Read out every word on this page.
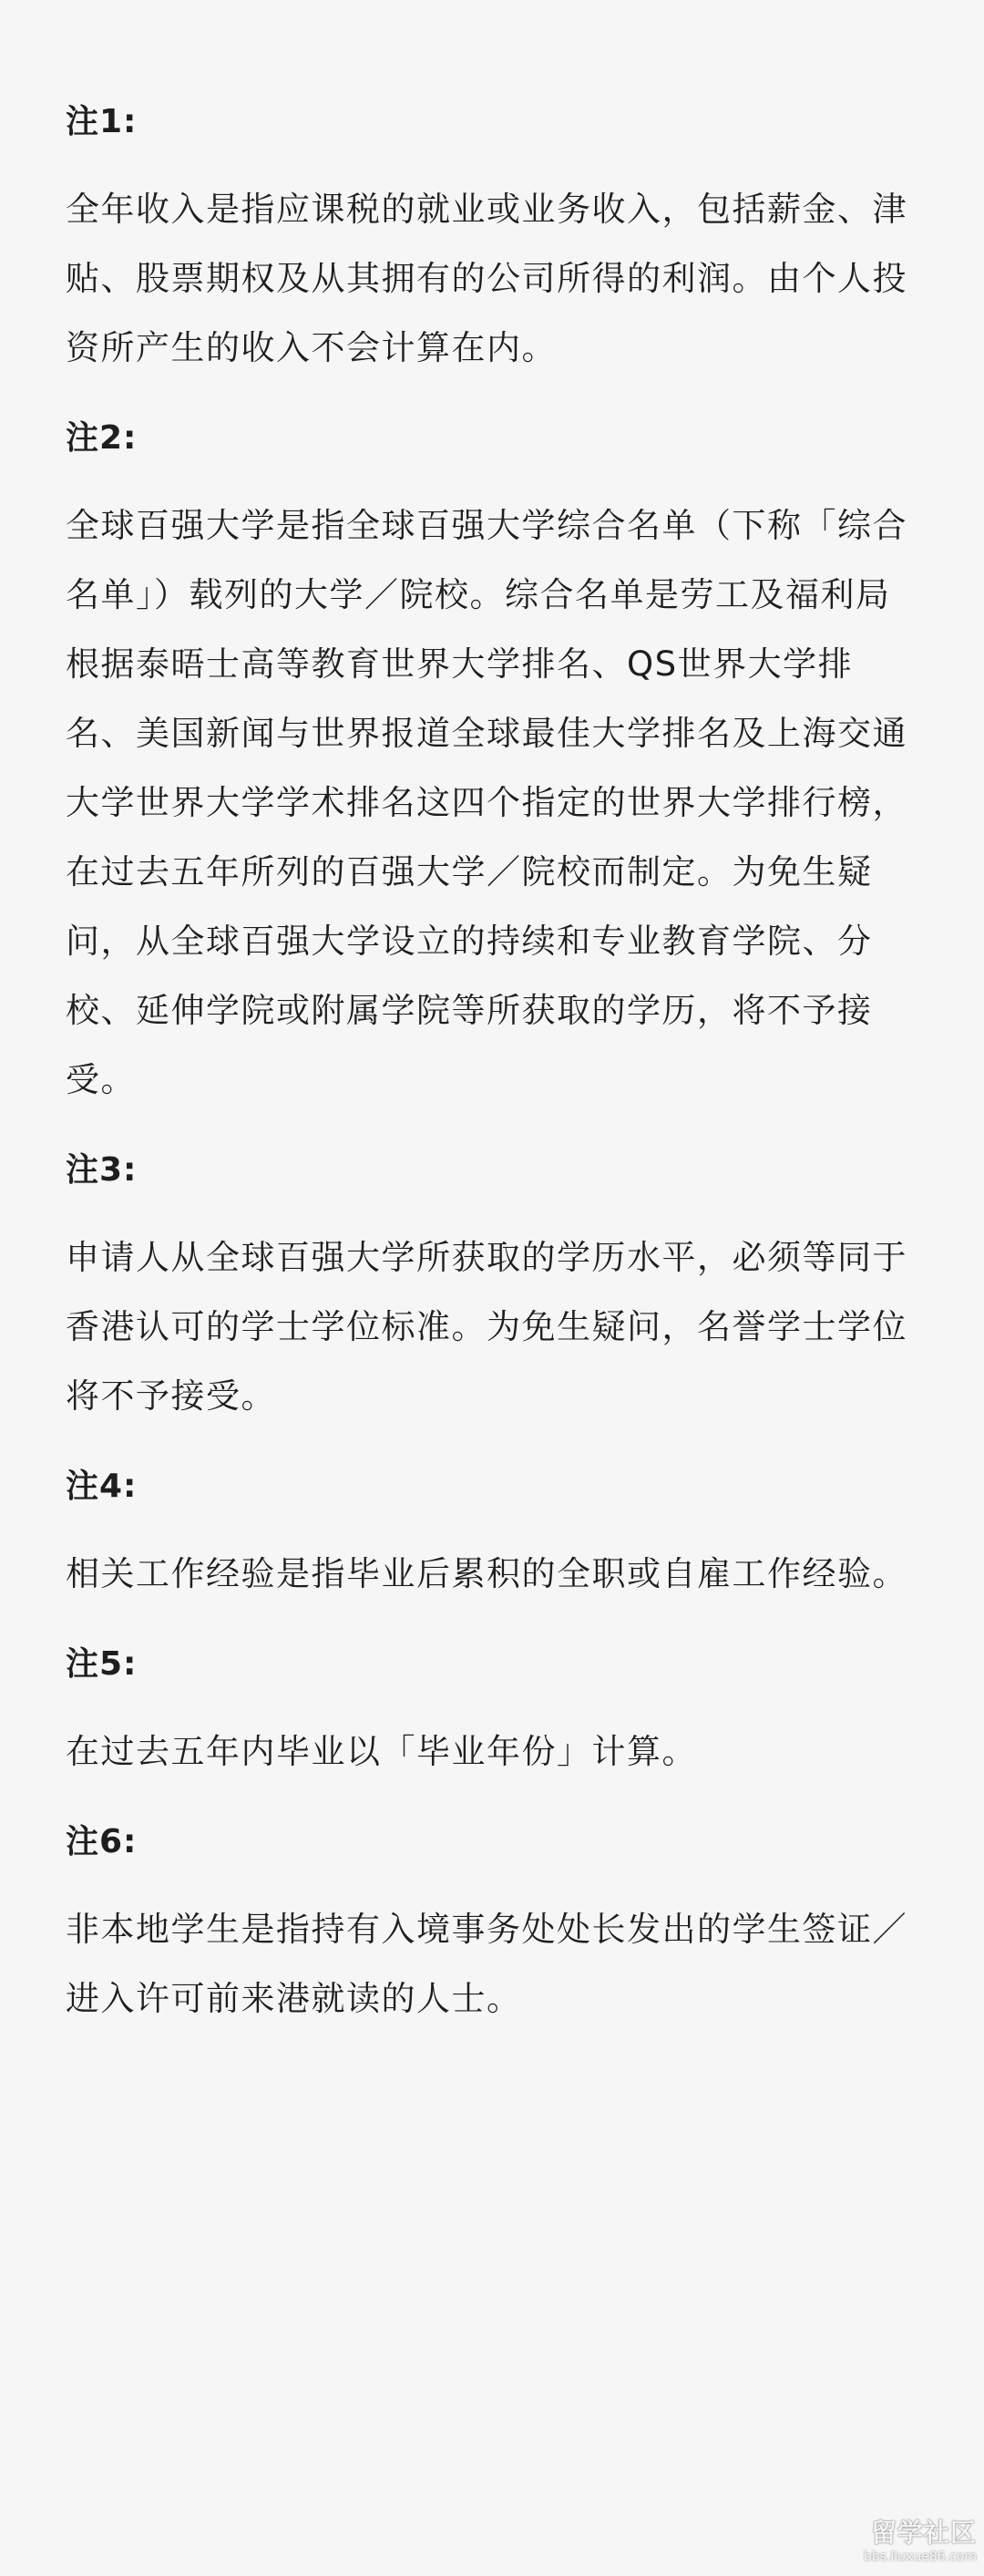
注1:

全年收入是指应课税的就业或业务收入，包括薪金、津贴、股票期权及从其拥有的公司所得的利润。由个人投资所产生的收入不会计算在内。

注2:

全球百强大学是指全球百强大学综合名单（下称「综合名单」）载列的大学／院校。综合名单是劳工及福利局根据泰晤士高等教育世界大学排名、QS世界大学排名、美国新闻与世界报道全球最佳大学排名及上海交通大学世界大学学术排名这四个指定的世界大学排行榜，在过去五年所列的百强大学／院校而制定。为免生疑问，从全球百强大学设立的持续和专业教育学院、分校、延伸学院或附属学院等所获取的学历，将不予接受。

注3:

申请人从全球百强大学所获取的学历水平，必须等同于香港认可的学士学位标准。为免生疑问，名誉学士学位将不予接受。

注4:

相关工作经验是指毕业后累积的全职或自雇工作经验。

注5:

在过去五年内毕业以「毕业年份」计算。

注6:

非本地学生是指持有入境事务处处长发出的学生签证／进入许可前来港就读的人士。

留学社区
bbs.liuxue86.com
